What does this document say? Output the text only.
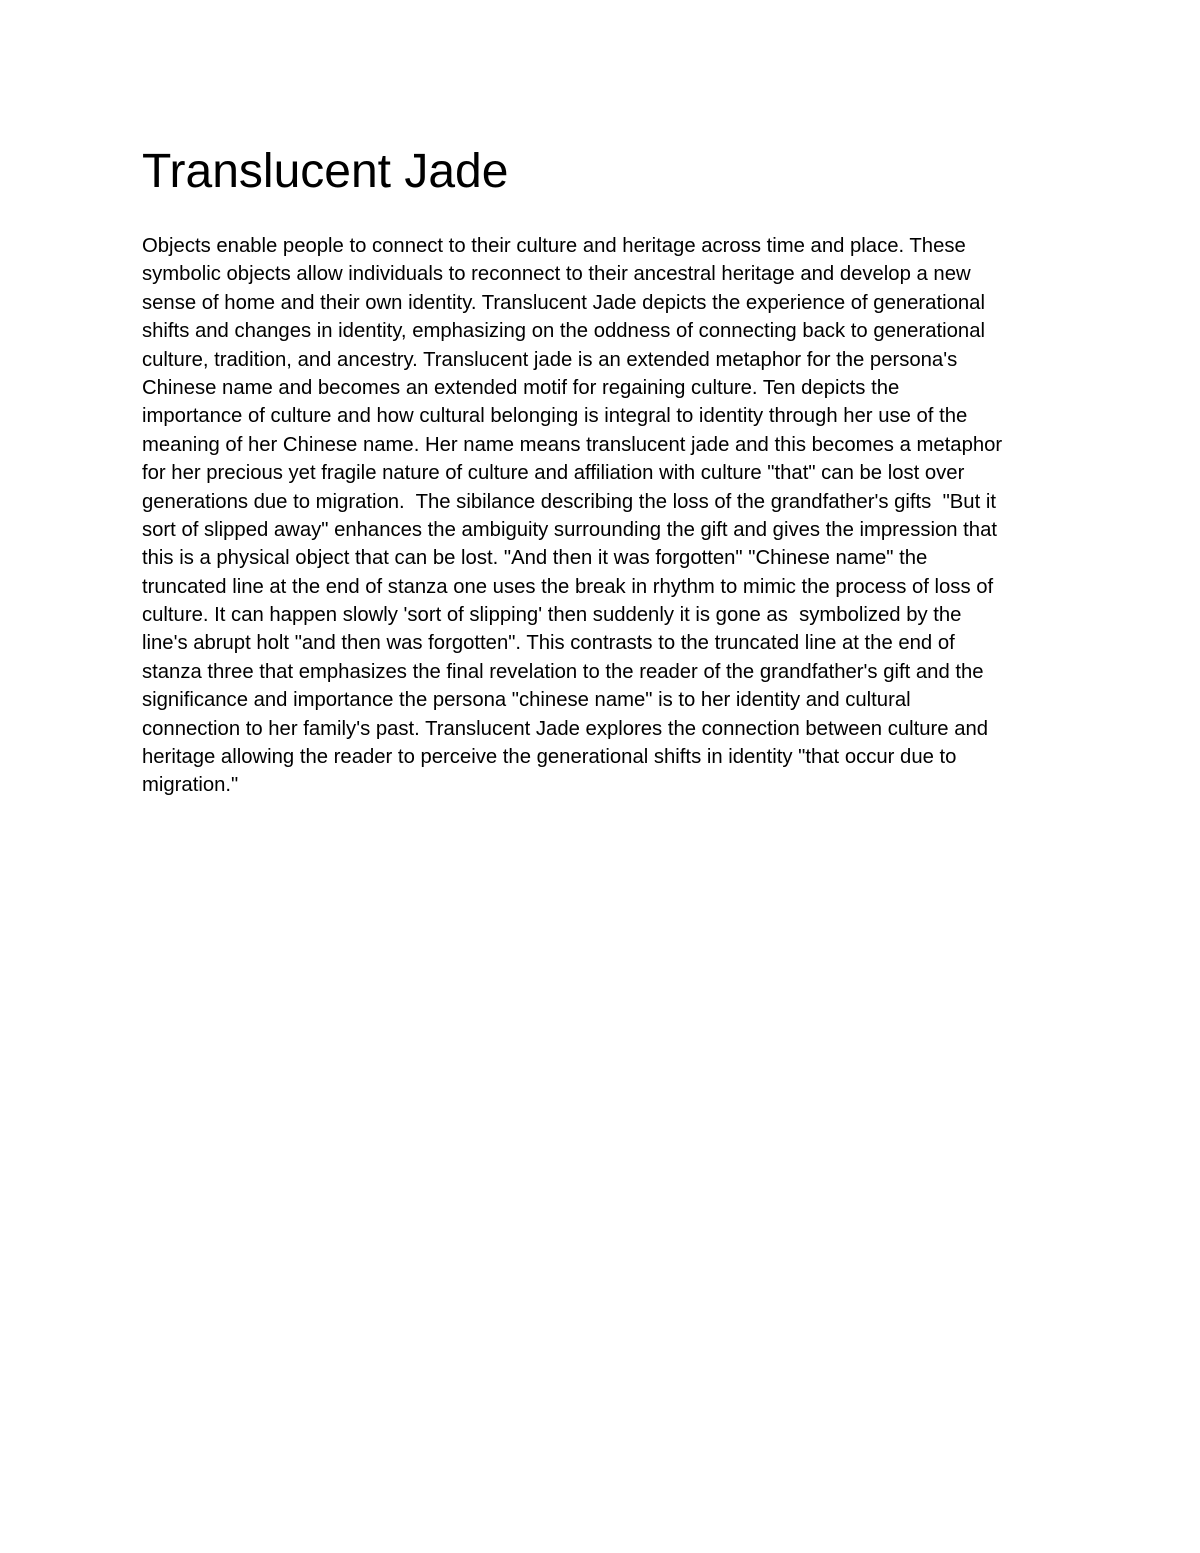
Translucent Jade
Objects enable people to connect to their culture and heritage across time and place. These
symbolic objects allow individuals to reconnect to their ancestral heritage and develop a new
sense of home and their own identity. Translucent Jade depicts the experience of generational
shifts and changes in identity, emphasizing on the oddness of connecting back to generational
culture, tradition, and ancestry. Translucent jade is an extended metaphor for the persona's
Chinese name and becomes an extended motif for regaining culture. Ten depicts the
importance of culture and how cultural belonging is integral to identity through her use of the
meaning of her Chinese name. Her name means translucent jade and this becomes a metaphor
for her precious yet fragile nature of culture and affiliation with culture "that" can be lost over
generations due to migration.  The sibilance describing the loss of the grandfather's gifts  "But it
sort of slipped away" enhances the ambiguity surrounding the gift and gives the impression that
this is a physical object that can be lost. "And then it was forgotten" "Chinese name" the
truncated line at the end of stanza one uses the break in rhythm to mimic the process of loss of
culture. It can happen slowly 'sort of slipping' then suddenly it is gone as  symbolized by the
line's abrupt holt "and then was forgotten". This contrasts to the truncated line at the end of
stanza three that emphasizes the final revelation to the reader of the grandfather's gift and the
significance and importance the persona "chinese name" is to her identity and cultural
connection to her family's past. Translucent Jade explores the connection between culture and
heritage allowing the reader to perceive the generational shifts in identity "that occur due to
migration."
